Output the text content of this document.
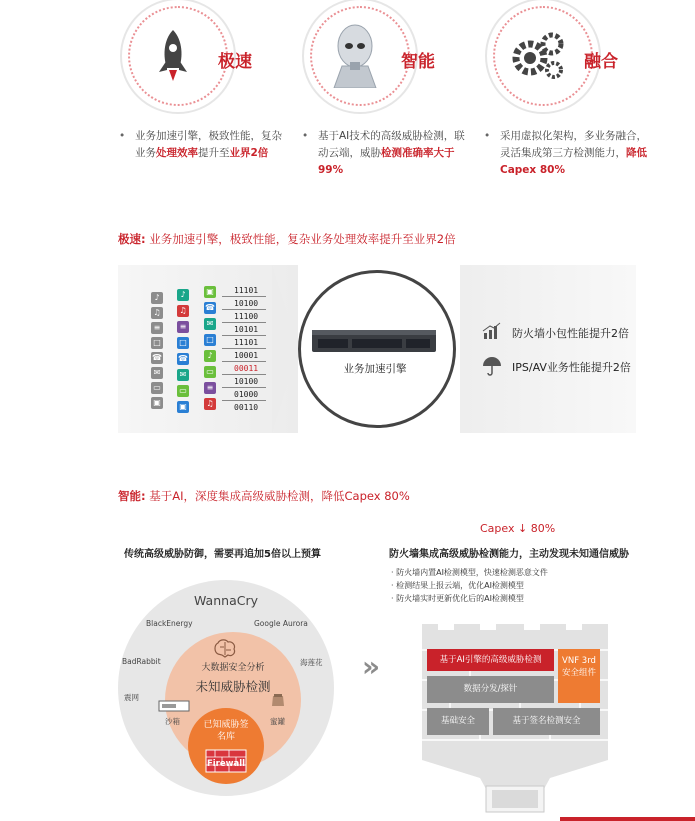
极速	智能	融合
• 业务加速引擎，极致性能，复杂业务处理效率提升至业界2倍
• 基于AI技术的高级威胁检测，联动云端，威胁检测准确率大于99%
• 采用虚拟化架构，多业务融合，灵活集成第三方检测能力，降低Capex 80%
极速: 业务加速引擎，极致性能，复杂业务处理效率提升至业界2倍
♪
♫
≡
□
☎
✉
▭
▣
♪
♫
≡
□
☎
✉
▭
▣
▣
☎
✉
□
♪
▭
≡
♫
11101
10100
11100
10101
11101
10001
00011
10100
01000
00110
业务加速引擎
防火墙小包性能提升2倍
IPS/AV业务性能提升2倍
智能: 基于AI，深度集成高级威胁检测，降低Capex 80%
Capex ↓ 80%
传统高级威胁防御，需要再追加5倍以上预算
WannaCry
BlackEnergy	Google Aurora
BadRabbit	海莲花
震网
大数据安全分析
未知威胁检测
沙箱	蜜罐
已知威胁签名库
Firewall
»
防火墙集成高级威胁检测能力，主动发现未知通信威胁
· 防火墙内置AI检测模型，快速检测恶意文件
· 检测结果上报云端，优化AI检测模型
· 防火墙实时更新优化后的AI检测模型
基于AI引擎的高级威胁检测	VNF 3rd安全组件
数据分发/探针
基础安全	基于签名检测安全
